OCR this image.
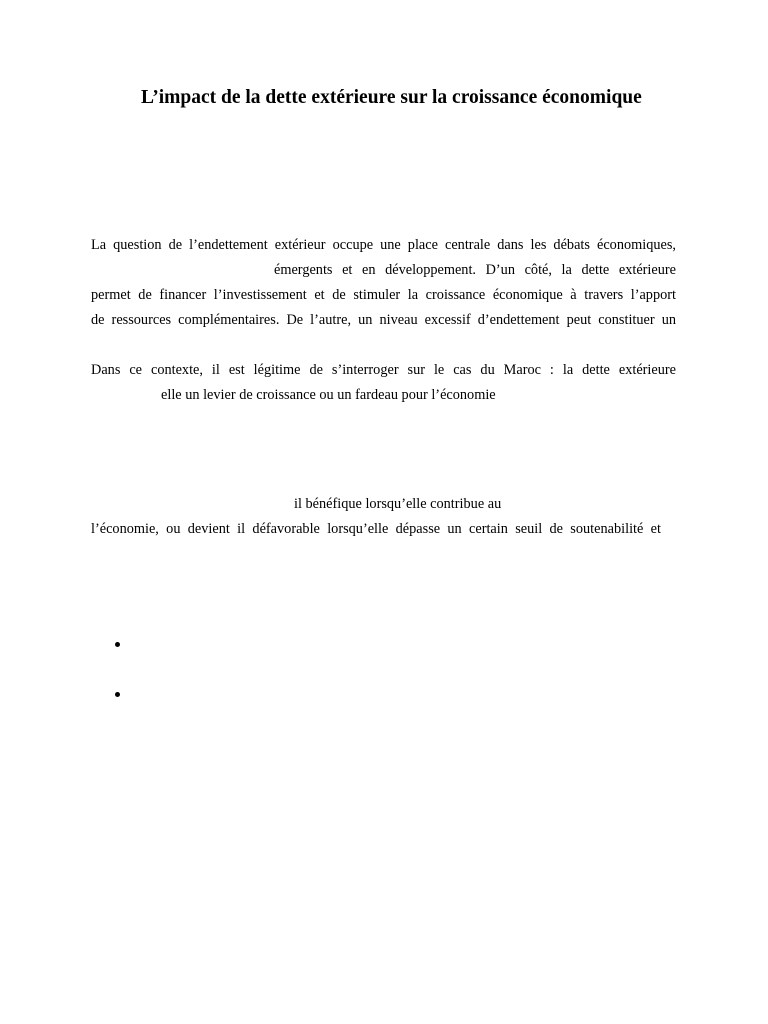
L’impact de la dette extérieure sur la croissance économique
La question de l’endettement extérieur occupe une place centrale dans les débats économiques,
émergents et en développement. D’un côté, la dette extérieure
permet de financer l’investissement et de stimuler la croissance économique à travers l’apport
de ressources complémentaires. De l’autre, un niveau excessif d’endettement peut constituer un
Dans ce contexte, il est légitime de s’interroger sur le cas du Maroc : la dette extérieure
elle un levier de croissance ou un fardeau pour l’économie
il bénéfique lorsqu’elle contribue au
l’économie, ou devient il défavorable lorsqu’elle dépasse un certain seuil de soutenabilité et
